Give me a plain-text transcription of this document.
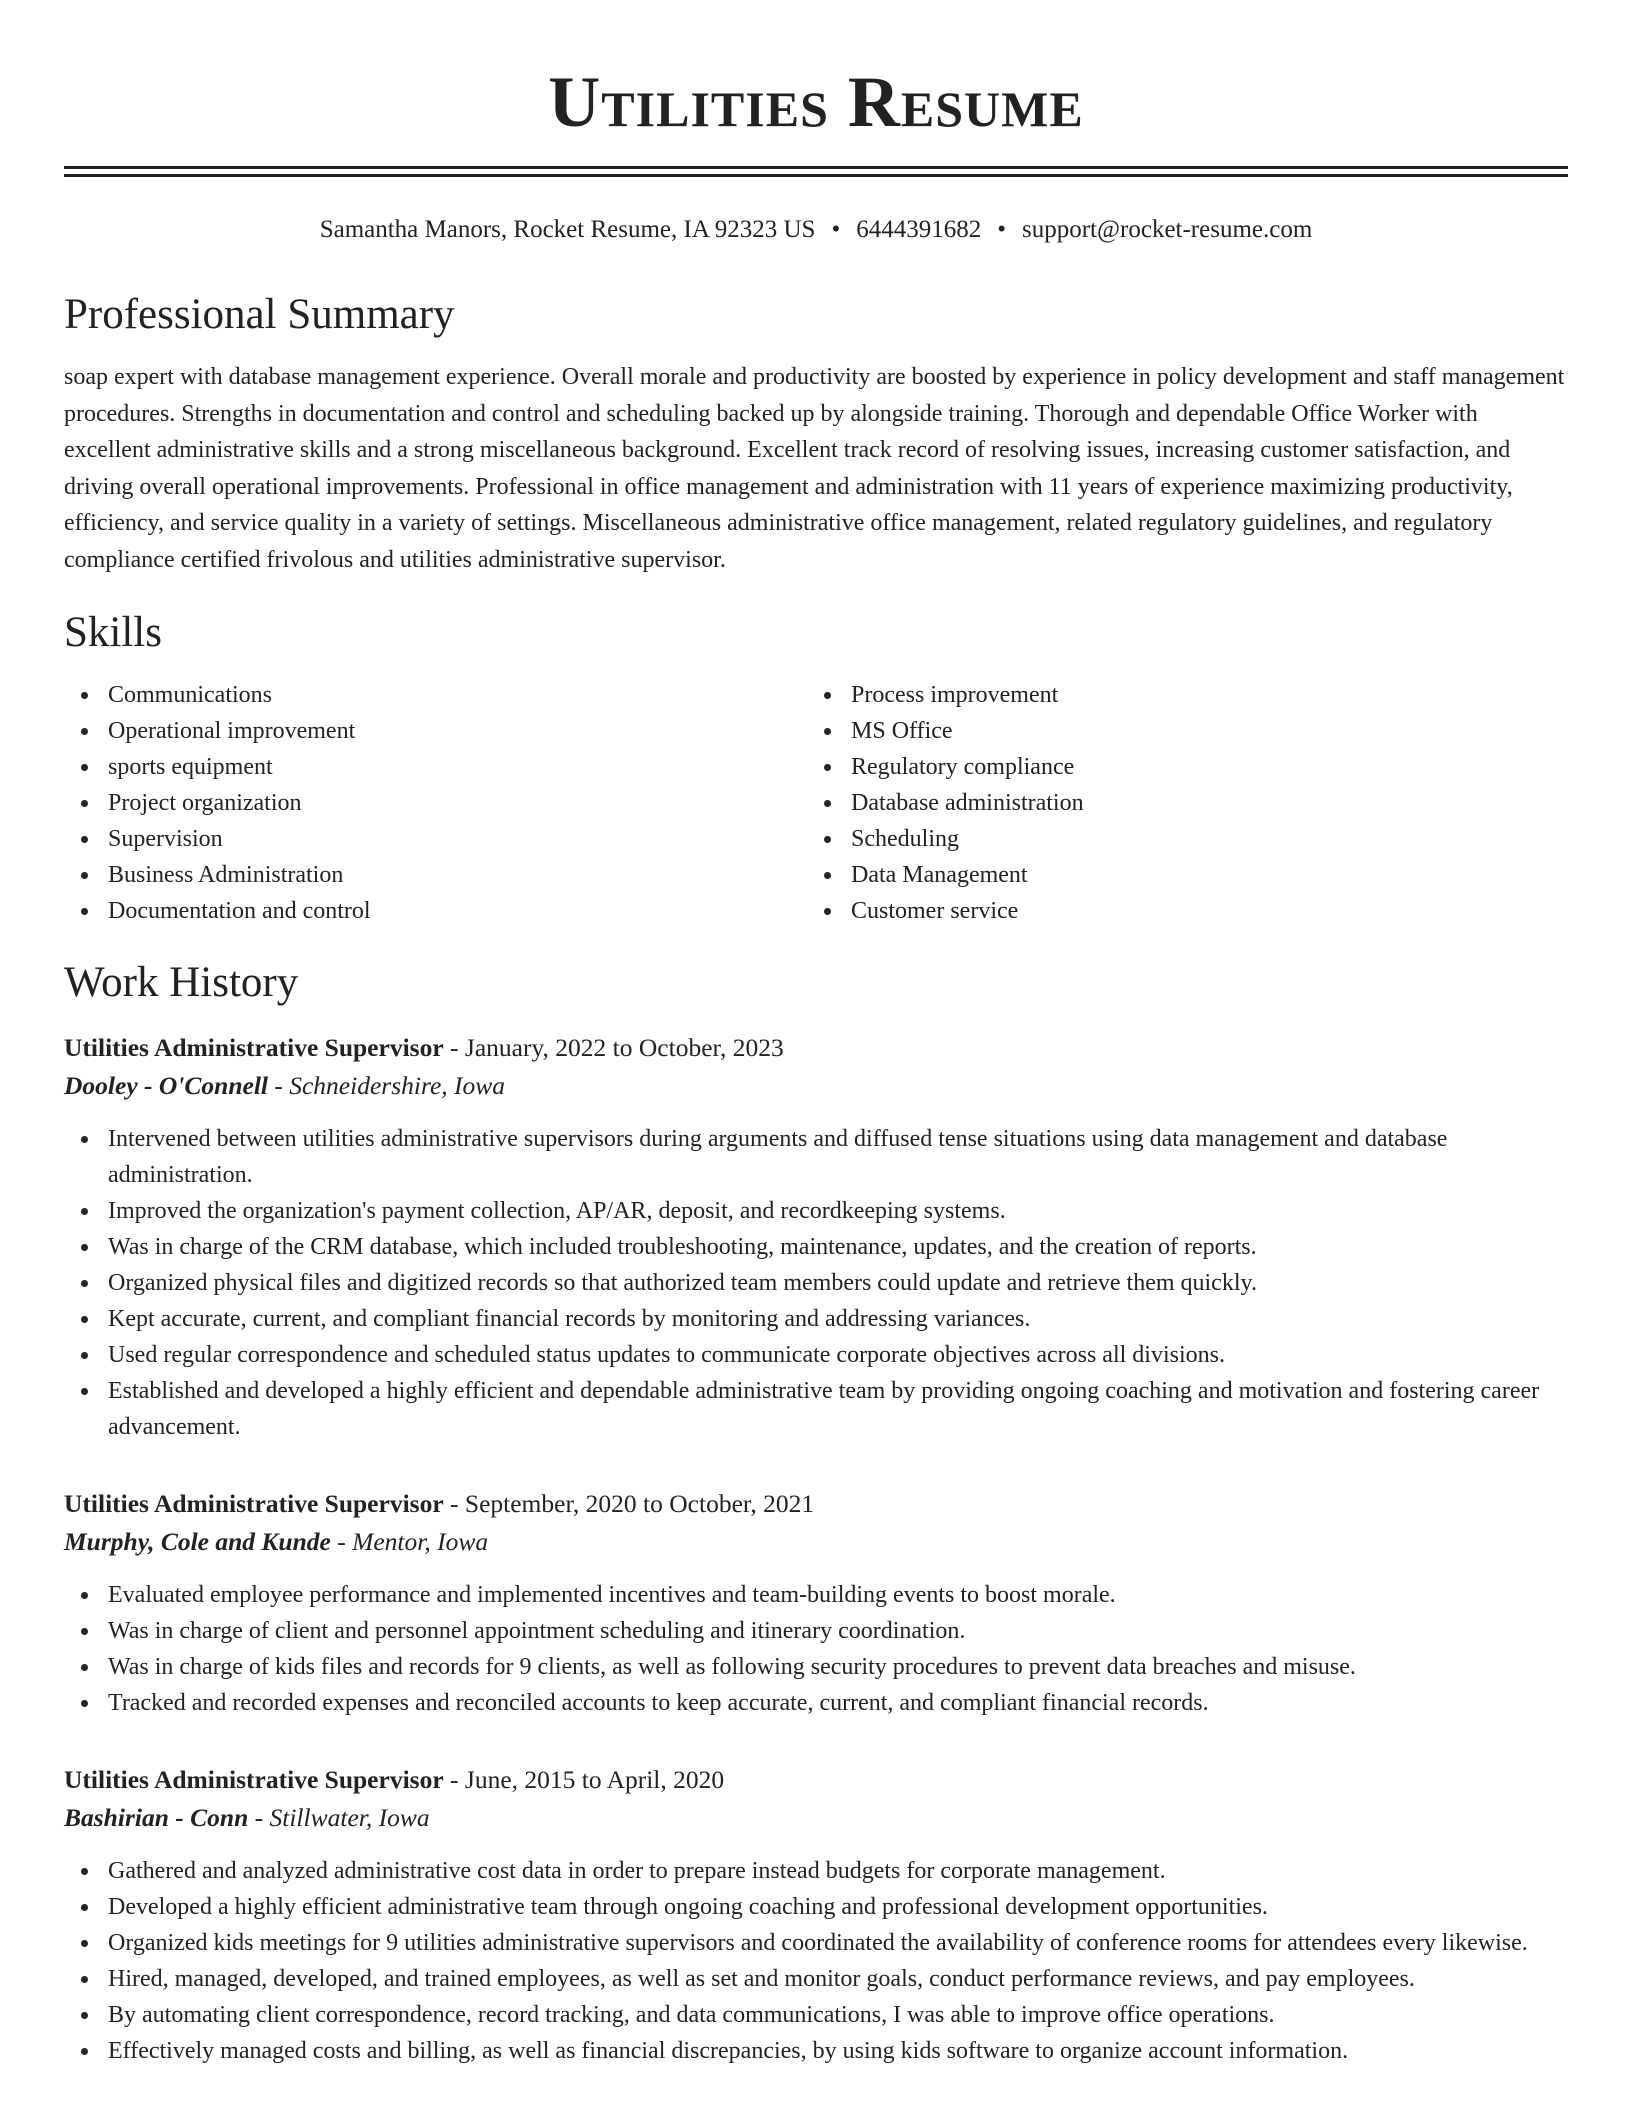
Utilities Resume
Samantha Manors, Rocket Resume, IA 92323 US • 6444391682 • support@rocket-resume.com
Professional Summary

soap expert with database management experience. Overall morale and productivity are boosted by experience in policy development and staff management procedures. Strengths in documentation and control and scheduling backed up by alongside training. Thorough and dependable Office Worker with excellent administrative skills and a strong miscellaneous background. Excellent track record of resolving issues, increasing customer satisfaction, and driving overall operational improvements. Professional in office management and administration with 11 years of experience maximizing productivity, efficiency, and service quality in a variety of settings. Miscellaneous administrative office management, related regulatory guidelines, and regulatory compliance certified frivolous and utilities administrative supervisor.

Skills
Communications
Operational improvement
sports equipment
Project organization
Supervision
Business Administration
Documentation and control
Process improvement
MS Office
Regulatory compliance
Database administration
Scheduling
Data Management
Customer service
Work History
Utilities Administrative Supervisor - January, 2022 to October, 2023
Dooley - O'Connell - Schneidershire, Iowa
Intervened between utilities administrative supervisors during arguments and diffused tense situations using data management and database administration.
Improved the organization's payment collection, AP/AR, deposit, and recordkeeping systems.
Was in charge of the CRM database, which included troubleshooting, maintenance, updates, and the creation of reports.
Organized physical files and digitized records so that authorized team members could update and retrieve them quickly.
Kept accurate, current, and compliant financial records by monitoring and addressing variances.
Used regular correspondence and scheduled status updates to communicate corporate objectives across all divisions.
Established and developed a highly efficient and dependable administrative team by providing ongoing coaching and motivation and fostering career advancement.
Utilities Administrative Supervisor - September, 2020 to October, 2021
Murphy, Cole and Kunde - Mentor, Iowa
Evaluated employee performance and implemented incentives and team-building events to boost morale.
Was in charge of client and personnel appointment scheduling and itinerary coordination.
Was in charge of kids files and records for 9 clients, as well as following security procedures to prevent data breaches and misuse.
Tracked and recorded expenses and reconciled accounts to keep accurate, current, and compliant financial records.
Utilities Administrative Supervisor - June, 2015 to April, 2020
Bashirian - Conn - Stillwater, Iowa
Gathered and analyzed administrative cost data in order to prepare instead budgets for corporate management.
Developed a highly efficient administrative team through ongoing coaching and professional development opportunities.
Organized kids meetings for 9 utilities administrative supervisors and coordinated the availability of conference rooms for attendees every likewise.
Hired, managed, developed, and trained employees, as well as set and monitor goals, conduct performance reviews, and pay employees.
By automating client correspondence, record tracking, and data communications, I was able to improve office operations.
Effectively managed costs and billing, as well as financial discrepancies, by using kids software to organize account information.
